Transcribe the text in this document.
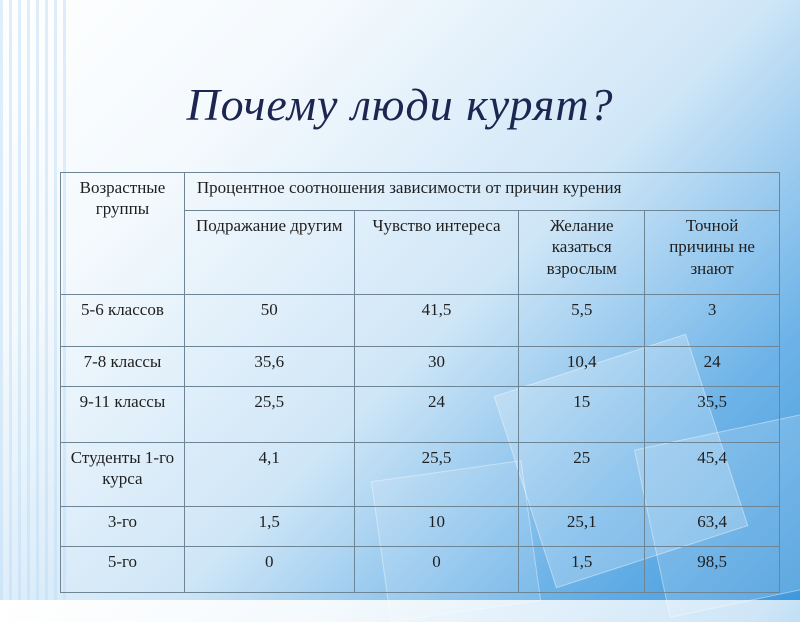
Почему люди курят?
Возрастные группы	Процентное соотношения зависимости от причин курения			
	Подражание другим	Чувство интереса	Желание казаться взрослым	Точной причины не знают
5-6 классов	50	41,5	5,5	3
7-8 классы	35,6	30	10,4	24
9-11 классы	25,5	24	15	35,5
Студенты 1-го курса	4,1	25,5	25	45,4
3-го	1,5	10	25,1	63,4
5-го	0	0	1,5	98,5
